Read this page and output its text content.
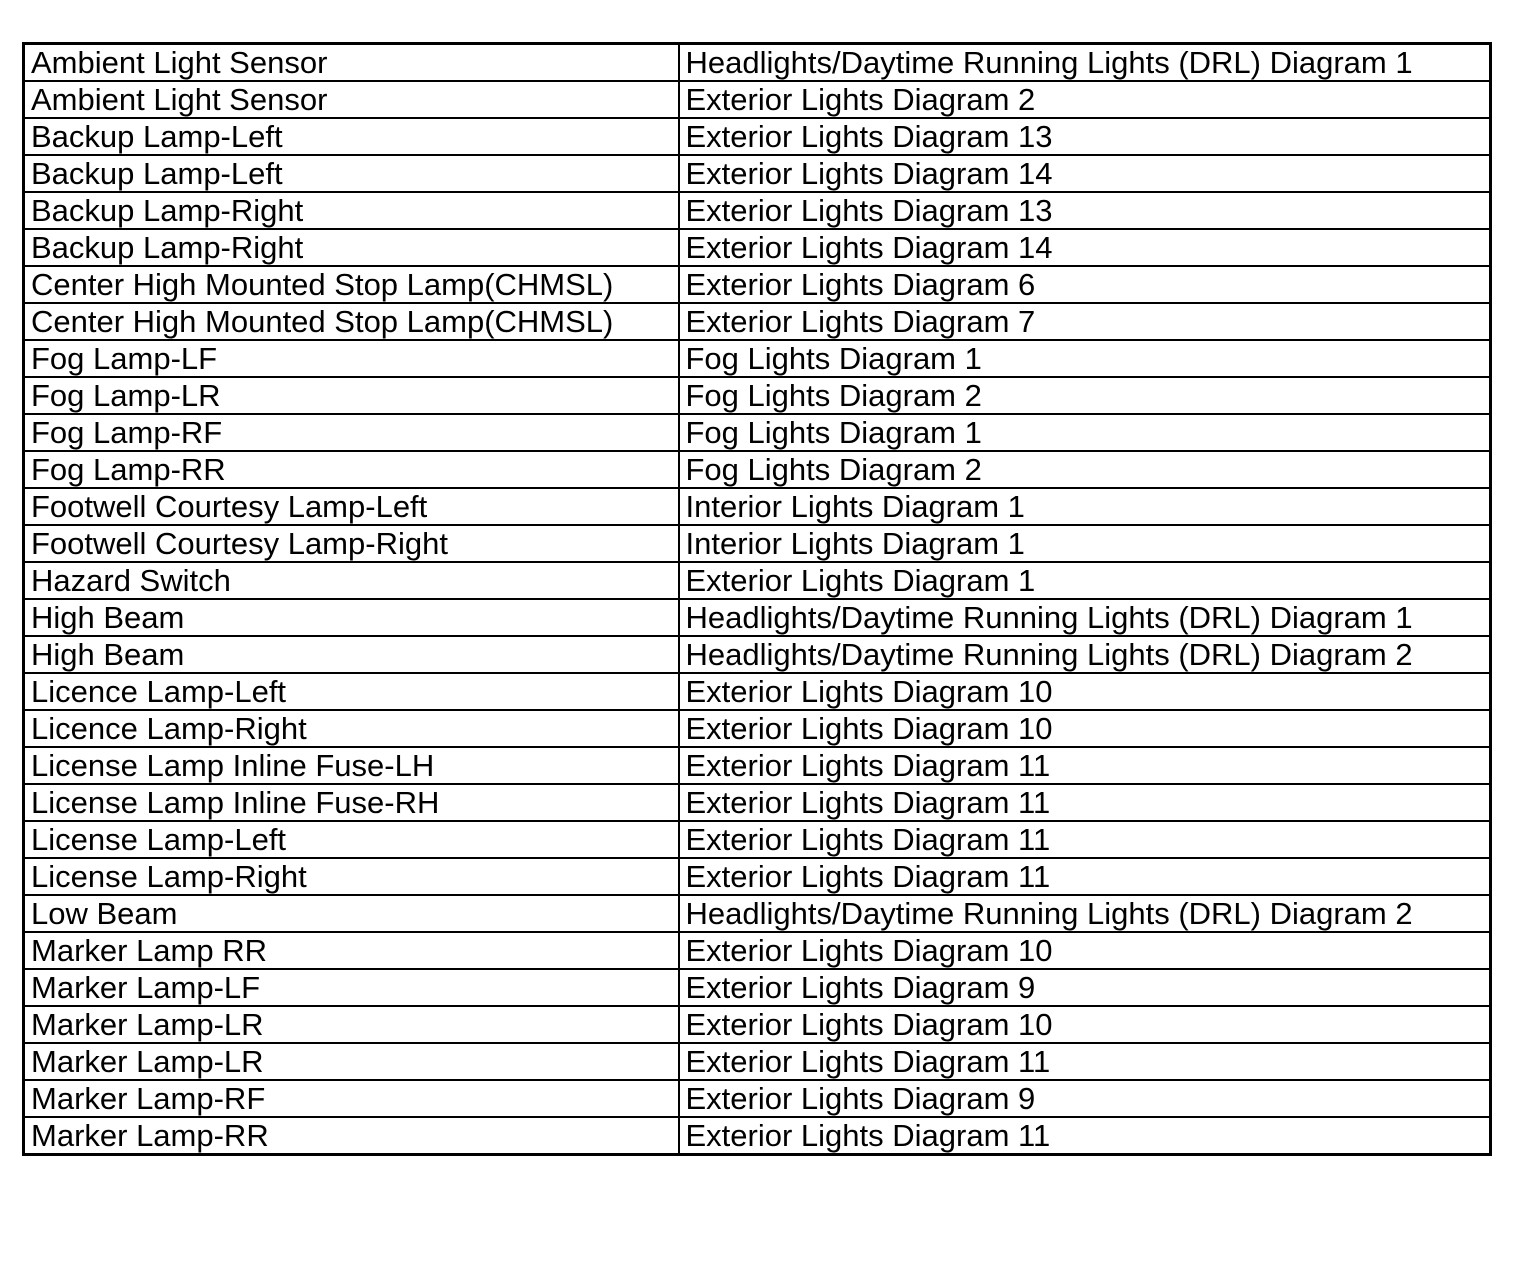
Ambient Light Sensor	Headlights/Daytime Running Lights (DRL) Diagram 1
Ambient Light Sensor	Exterior Lights Diagram 2
Backup Lamp-Left	Exterior Lights Diagram 13
Backup Lamp-Left	Exterior Lights Diagram 14
Backup Lamp-Right	Exterior Lights Diagram 13
Backup Lamp-Right	Exterior Lights Diagram 14
Center High Mounted Stop Lamp(CHMSL)	Exterior Lights Diagram 6
Center High Mounted Stop Lamp(CHMSL)	Exterior Lights Diagram 7
Fog Lamp-LF	Fog Lights Diagram 1
Fog Lamp-LR	Fog Lights Diagram 2
Fog Lamp-RF	Fog Lights Diagram 1
Fog Lamp-RR	Fog Lights Diagram 2
Footwell Courtesy Lamp-Left	Interior Lights Diagram 1
Footwell Courtesy Lamp-Right	Interior Lights Diagram 1
Hazard Switch	Exterior Lights Diagram 1
High Beam	Headlights/Daytime Running Lights (DRL) Diagram 1
High Beam	Headlights/Daytime Running Lights (DRL) Diagram 2
Licence Lamp-Left	Exterior Lights Diagram 10
Licence Lamp-Right	Exterior Lights Diagram 10
License Lamp Inline Fuse-LH	Exterior Lights Diagram 11
License Lamp Inline Fuse-RH	Exterior Lights Diagram 11
License Lamp-Left	Exterior Lights Diagram 11
License Lamp-Right	Exterior Lights Diagram 11
Low Beam	Headlights/Daytime Running Lights (DRL) Diagram 2
Marker Lamp RR	Exterior Lights Diagram 10
Marker Lamp-LF	Exterior Lights Diagram 9
Marker Lamp-LR	Exterior Lights Diagram 10
Marker Lamp-LR	Exterior Lights Diagram 11
Marker Lamp-RF	Exterior Lights Diagram 9
Marker Lamp-RR	Exterior Lights Diagram 11
